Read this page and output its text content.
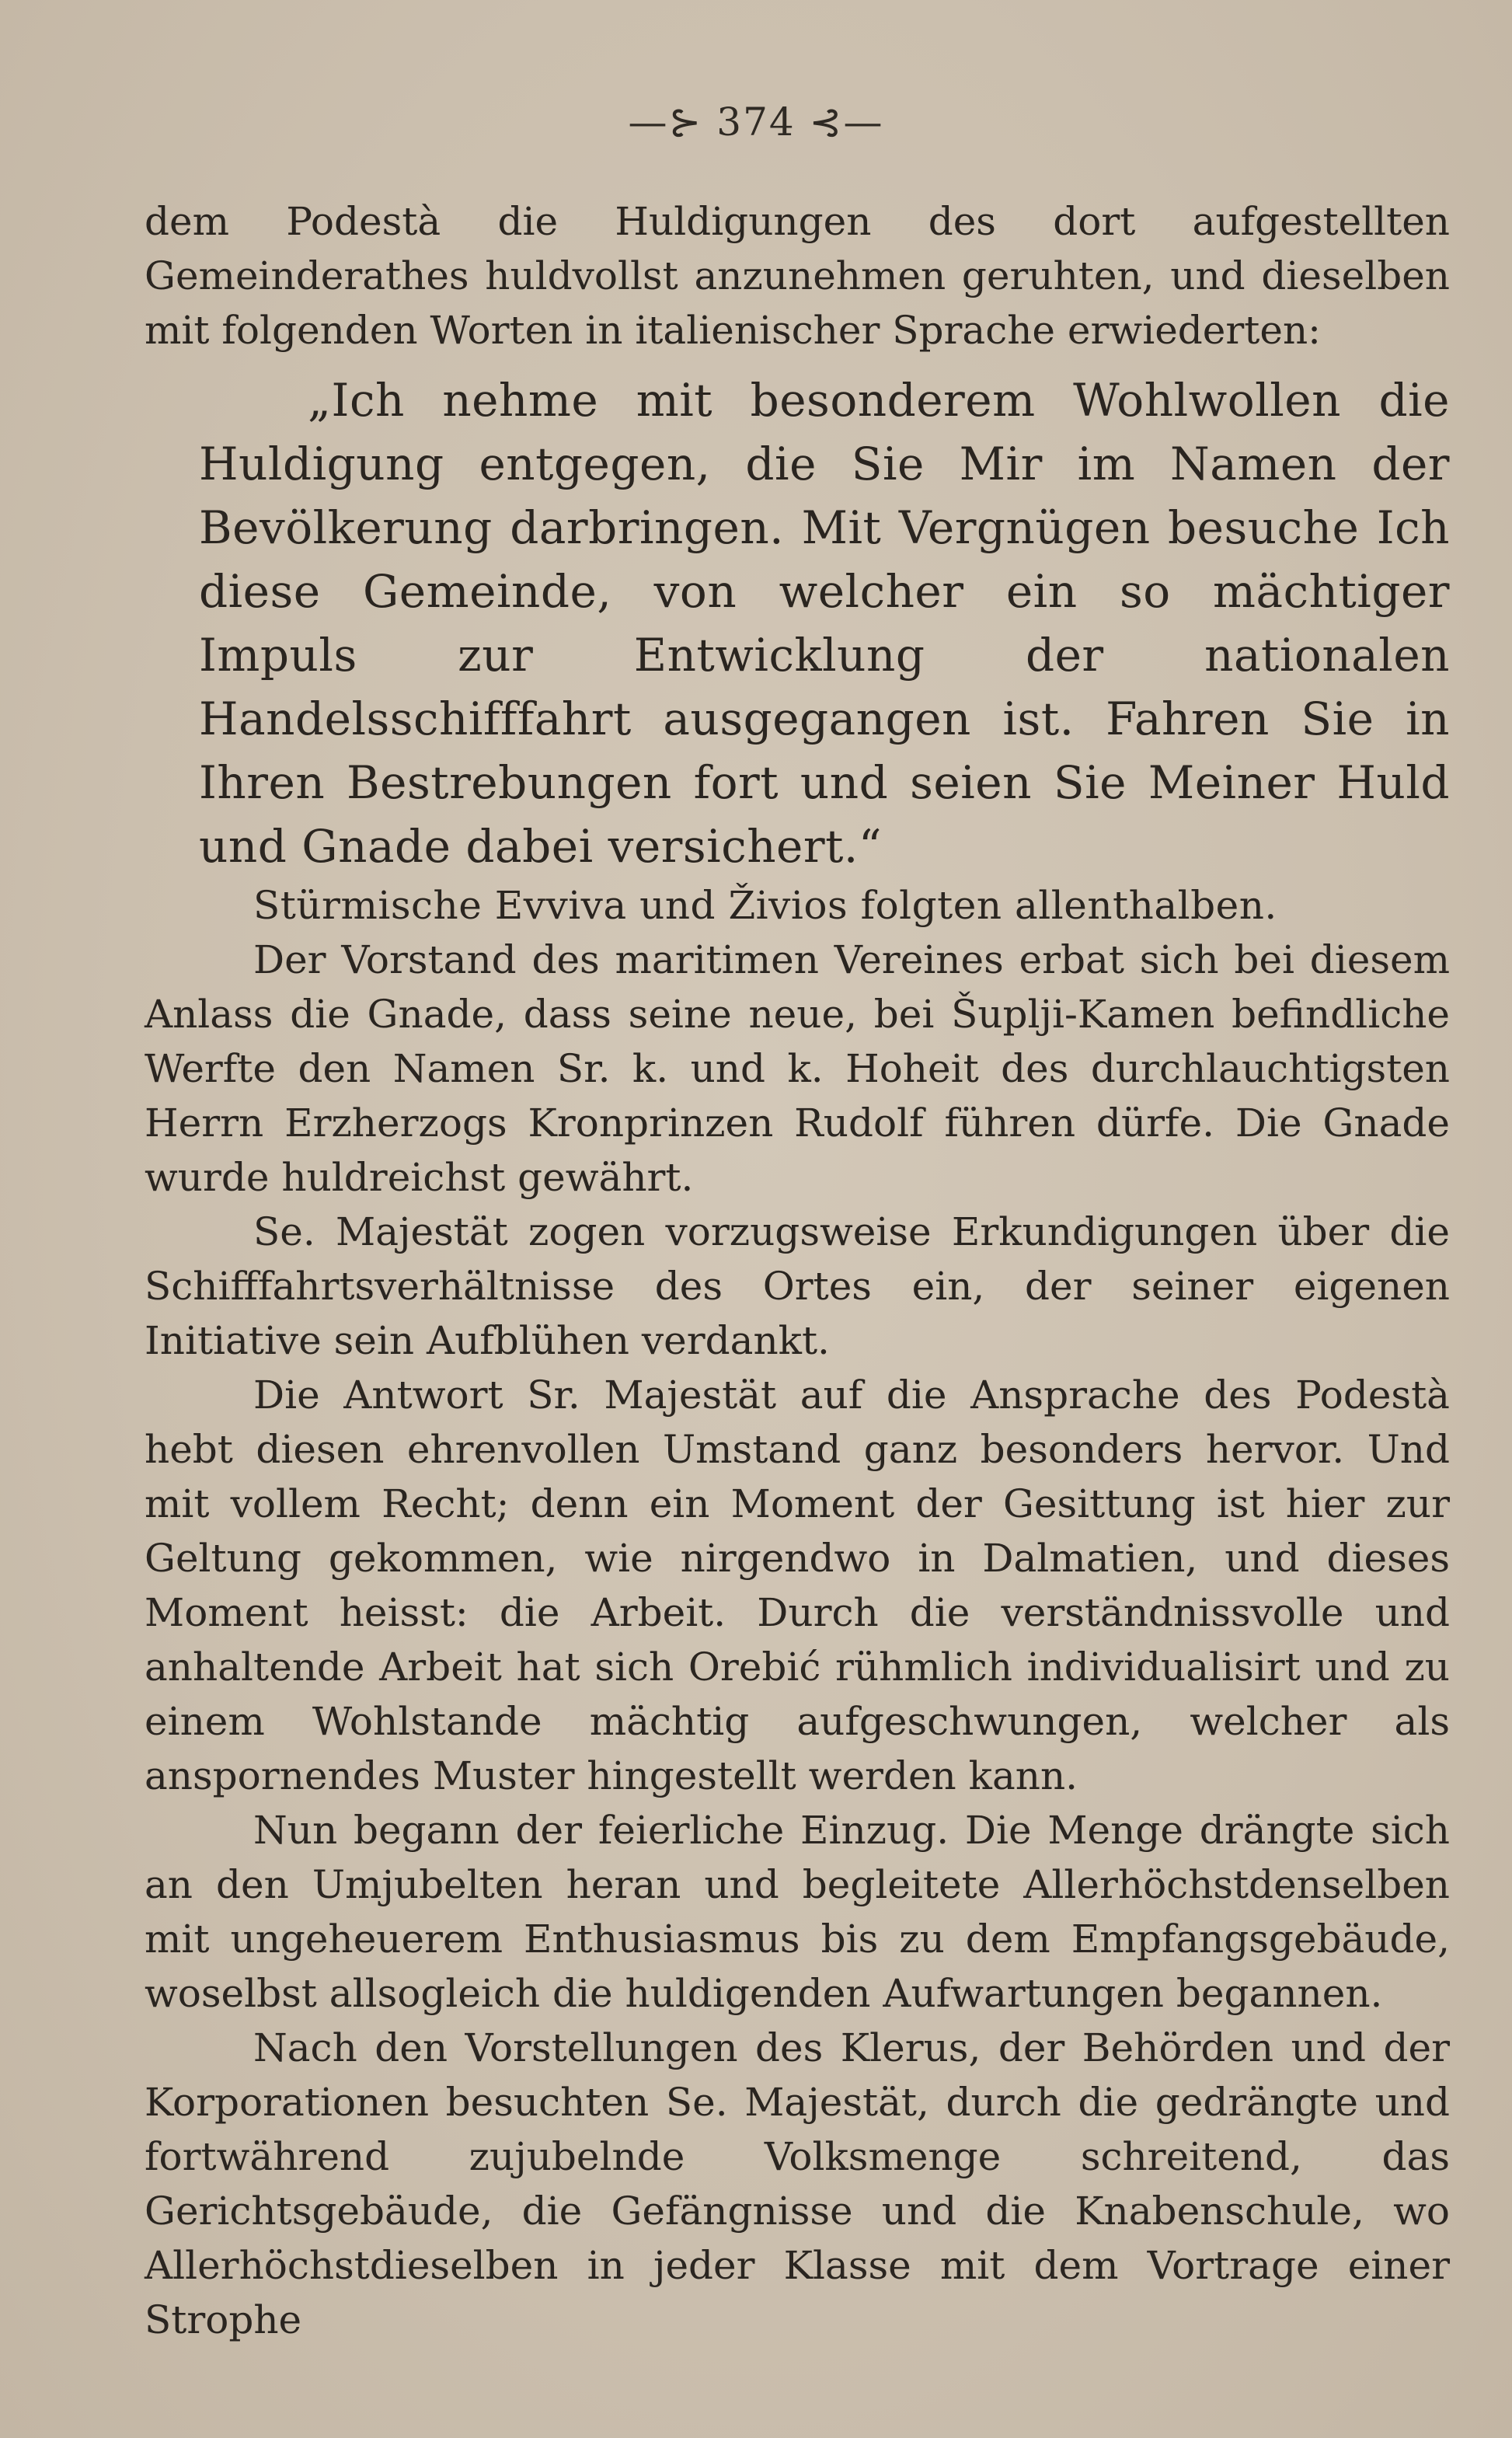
—⊱ 374 ⊰—

dem Podestà die Huldigungen des dort aufgestellten Gemeinderathes huldvollst anzunehmen geruhten, und dieselben mit folgenden Worten in italienischer Sprache erwiederten:

„Ich nehme mit besonderem Wohlwollen die Huldigung entgegen, die Sie Mir im Namen der Bevölkerung darbringen. Mit Vergnügen besuche Ich diese Gemeinde, von welcher ein so mächtiger Impuls zur Entwicklung der nationalen Handelsschifffahrt ausgegangen ist. Fahren Sie in Ihren Bestrebungen fort und seien Sie Meiner Huld und Gnade dabei versichert.“

Stürmische Evviva und Živios folgten allenthalben.

Der Vorstand des maritimen Vereines erbat sich bei diesem Anlass die Gnade, dass seine neue, bei Šuplji-Kamen befindliche Werfte den Namen Sr. k. und k. Hoheit des durchlauchtigsten Herrn Erzherzogs Kronprinzen Rudolf führen dürfe. Die Gnade wurde huldreichst gewährt.

Se. Majestät zogen vorzugsweise Erkundigungen über die Schifffahrtsverhältnisse des Ortes ein, der seiner eigenen Initiative sein Aufblühen verdankt.

Die Antwort Sr. Majestät auf die Ansprache des Podestà hebt diesen ehrenvollen Umstand ganz besonders hervor. Und mit vollem Recht; denn ein Moment der Gesittung ist hier zur Geltung gekommen, wie nirgendwo in Dalmatien, und dieses Moment heisst: die Arbeit. Durch die verständnissvolle und anhaltende Arbeit hat sich Orebić rühmlich individualisirt und zu einem Wohlstande mächtig aufgeschwungen, welcher als anspornendes Muster hingestellt werden kann.

Nun begann der feierliche Einzug. Die Menge drängte sich an den Umjubelten heran und begleitete Allerhöchstdenselben mit ungeheuerem Enthusiasmus bis zu dem Empfangsgebäude, woselbst allsogleich die huldigenden Aufwartungen begannen.

Nach den Vorstellungen des Klerus, der Behörden und der Korporationen besuchten Se. Majestät, durch die gedrängte und fortwährend zujubelnde Volksmenge schreitend, das Gerichtsgebäude, die Gefängnisse und die Knabenschule, wo Allerhöchstdieselben in jeder Klasse mit dem Vortrage einer Strophe
